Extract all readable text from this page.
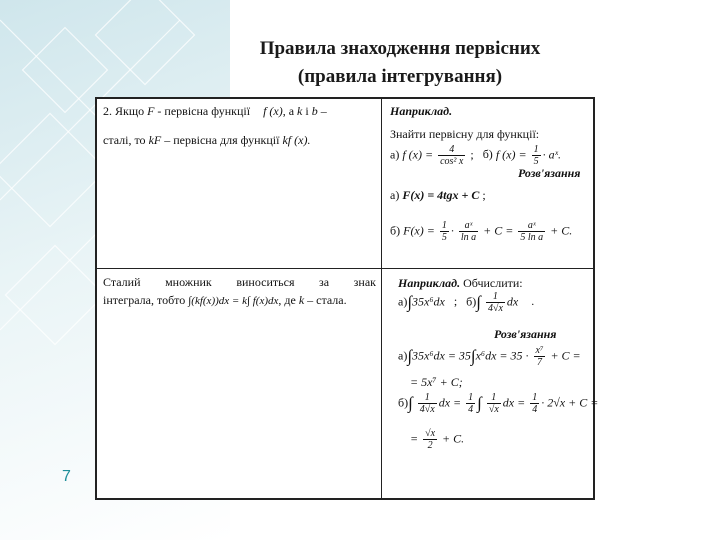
Правила знаходження первісних
(правила інтегрування)
2. Якщо F - первісна функції f (x), а k і b –
сталі, то kF – первісна для функції kf (x).
Наприклад.
Знайти первісну для функції:
а) f $(x) = \frac{4}{\text{cos² x}}$ ; б) f $(x) = \frac{1}{5}$ · aˣ.
Розв'язання
а) F(x) = 4tgx + C ;
б) $F(x) = \frac{1}{5} \cdot \frac{\text{aˣ}}{\text{ln a}} + C = \frac{\text{aˣ}}{\text{5 ln a}} + C$.
Сталий множник виноситься за знак
інтеграла, тобто ∫(kf(x))dx = k∫ f(x)dx, де k – стала.
Наприклад. Обчислити:
а)∫35x⁶dx ; $б)\int \frac{1}{4√x}$ dx .
Розв'язання
$а)\int 35x^6dx = 35\int x^6dx = 35 \cdot \frac{\text{x⁷}}{7} + C$ =
= 5x⁷ + C;
$б)\int \frac{1}{4√x}$ dx = $\frac{1}{4}$ ∫ $\frac{1}{√x}$ dx = $\frac{1}{4} \cdot 2√x + C$ =
= $\frac{√x}{2} + C$.
7
